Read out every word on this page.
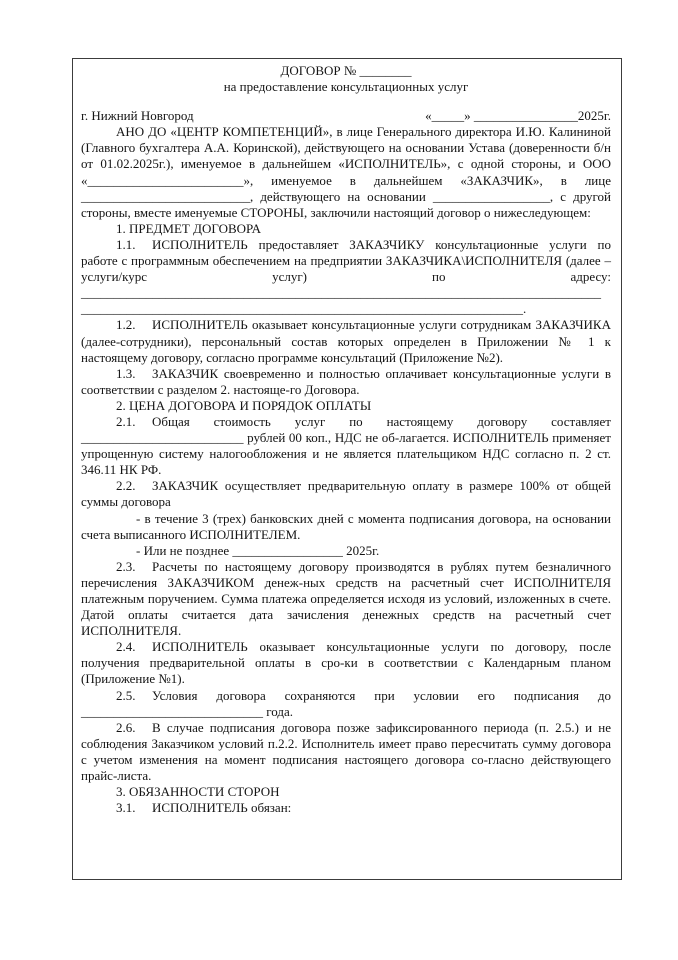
ДОГОВОР № ________

на предоставление консультационных услуг

г. Нижний Новгород	«_____» ________________2025г.

АНО ДО «ЦЕНТР КОМПЕТЕНЦИЙ», в лице Генерального директора И.Ю. Калининой (Главного бухгалтера А.А. Коринской), действующего на основании Устава (доверенности б/н от 01.02.2025г.), именуемое в дальнейшем «ИСПОЛНИТЕЛЬ», с одной стороны, и ООО «________________________», именуемое в дальнейшем «ЗАКАЗЧИК», в лице __________________________, действующего на основании __________________, с другой стороны, вместе именуемые СТОРОНЫ, заключили настоящий договор о нижеследующем:

1. ПРЕДМЕТ ДОГОВОРА

1.1. ИСПОЛНИТЕЛЬ предоставляет ЗАКАЗЧИКУ консультационные услуги по работе с программным обеспечением на предприятии ЗАКАЗЧИКА\ИСПОЛНИТЕЛЯ (далее – услуги/курс услуг) по адресу: ________________________________________________________________________________ ____________________________________________________________________.

1.2. ИСПОЛНИТЕЛЬ оказывает консультационные услуги сотрудникам ЗАКАЗЧИКА (далее-сотрудники), персональный состав которых определен в Приложении № 1 к настоящему договору, согласно программе консультаций (Приложение №2).

1.3. ЗАКАЗЧИК своевременно и полностью оплачивает консультационные услуги в соответствии с разделом 2. настояще-го Договора.

2. ЦЕНА ДОГОВОРА И ПОРЯДОК ОПЛАТЫ

2.1. Общая стоимость услуг по настоящему договору составляет _________________________ рублей 00 коп., НДС не об-лагается. ИСПОЛНИТЕЛЬ применяет упрощенную систему налогообложения и не является плательщиком НДС согласно п. 2 ст. 346.11 НК РФ.

2.2. ЗАКАЗЧИК осуществляет предварительную оплату в размере 100% от общей суммы договора

- в течение 3 (трех) банковских дней с момента подписания договора, на основании счета выписанного ИСПОЛНИТЕЛЕМ.

- Или не позднее _________________ 2025г.

2.3. Расчеты по настоящему договору производятся в рублях путем безналичного перечисления ЗАКАЗЧИКОМ денеж-ных средств на расчетный счет ИСПОЛНИТЕЛЯ платежным поручением. Сумма платежа определяется исходя из условий, изложенных в счете. Датой оплаты считается дата зачисления денежных средств на расчетный счет ИСПОЛНИТЕЛЯ.

2.4. ИСПОЛНИТЕЛЬ оказывает консультационные услуги по договору, после получения предварительной оплаты в сро-ки в соответствии с Календарным планом (Приложение №1).

2.5. Условия договора сохраняются при условии его подписания до ____________________________ года.

2.6. В случае подписания договора позже зафиксированного периода (п. 2.5.) и не соблюдения Заказчиком условий п.2.2. Исполнитель имеет право пересчитать сумму договора с учетом изменения на момент подписания настоящего договора со-гласно действующего прайс-листа.

3. ОБЯЗАННОСТИ СТОРОН

3.1. ИСПОЛНИТЕЛЬ обязан:
